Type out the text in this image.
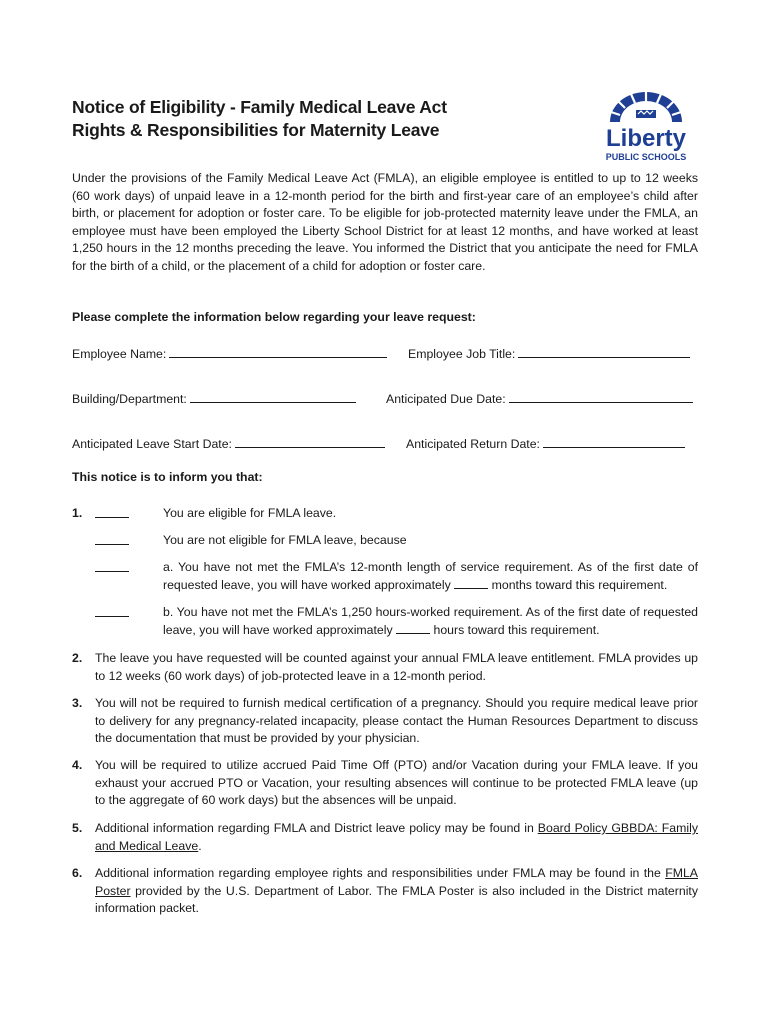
Notice of Eligibility - Family Medical Leave Act
Rights & Responsibilities for Maternity Leave	Liberty
PUBLIC SCHOOLS
Under the provisions of the Family Medical Leave Act (FMLA), an eligible employee is entitled to up to 12 weeks (60 work days) of unpaid leave in a 12-month period for the birth and first-year care of an employee’s child after birth, or placement for adoption or foster care. To be eligible for job-protected maternity leave under the FMLA, an employee must have been employed the Liberty School District for at least 12 months, and have worked at least 1,250 hours in the 12 months preceding the leave. You informed the District that you anticipate the need for FMLA for the birth of a child, or the placement of a child for adoption or foster care.
Please complete the information below regarding your leave request:
Employee Name:	Employee Job Title:
Building/Department:	Anticipated Due Date:
Anticipated Leave Start Date:	Anticipated Return Date:
This notice is to inform you that:
1.	You are eligible for FMLA leave.
You are not eligible for FMLA leave, because
a. You have not met the FMLA’s 12-month length of service requirement. As of the first date of requested leave, you will have worked approximately	months toward this requirement.
b. You have not met the FMLA’s 1,250 hours-worked requirement. As of the first date of requested leave, you will have worked approximately	hours toward this requirement.
2. The leave you have requested will be counted against your annual FMLA leave entitlement. FMLA provides up to 12 weeks (60 work days) of job-protected leave in a 12-month period.
3. You will not be required to furnish medical certification of a pregnancy. Should you require medical leave prior to delivery for any pregnancy-related incapacity, please contact the Human Resources Department to discuss the documentation that must be provided by your physician.
4. You will be required to utilize accrued Paid Time Off (PTO) and/or Vacation during your FMLA leave. If you exhaust your accrued PTO or Vacation, your resulting absences will continue to be protected FMLA leave (up to the aggregate of 60 work days) but the absences will be unpaid.
5. Additional information regarding FMLA and District leave policy may be found in Board Policy GBBDA: Family and Medical Leave.
6. Additional information regarding employee rights and responsibilities under FMLA may be found in the FMLA Poster provided by the U.S. Department of Labor. The FMLA Poster is also included in the District maternity information packet.
